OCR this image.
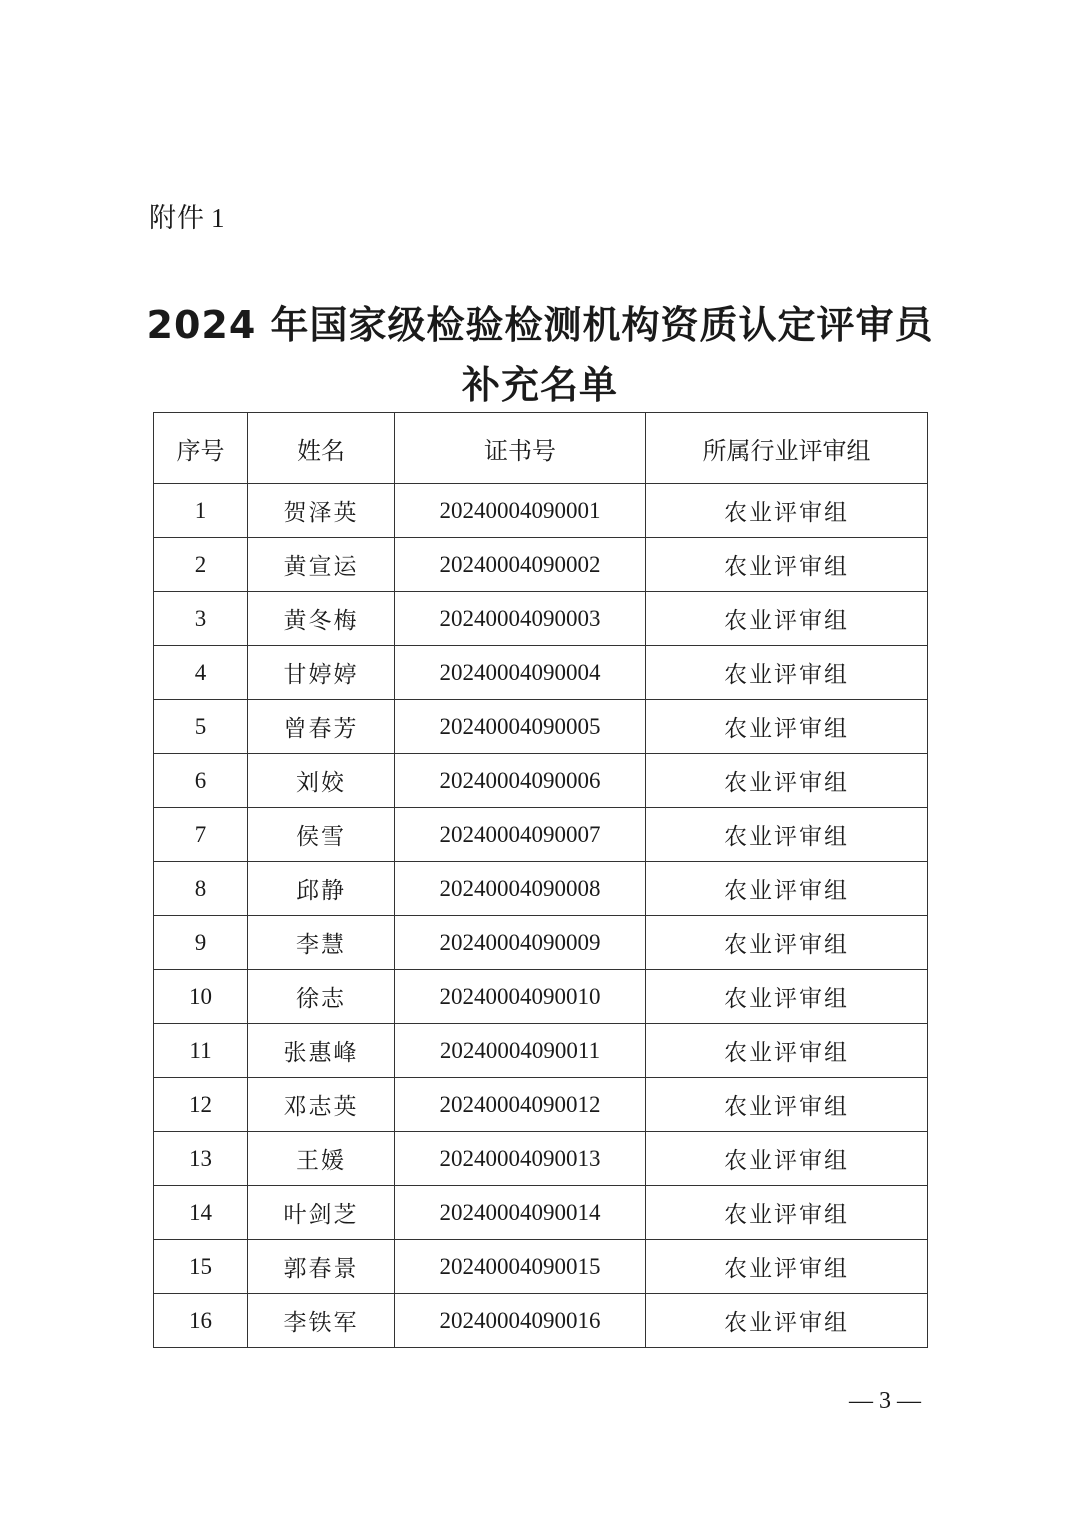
附件 1
2024 年国家级检验检测机构资质认定评审员
补充名单
序号	姓名	证书号	所属行业评审组
1	贺泽英	20240004090001	农业评审组
2	黄宣运	20240004090002	农业评审组
3	黄冬梅	20240004090003	农业评审组
4	甘婷婷	20240004090004	农业评审组
5	曾春芳	20240004090005	农业评审组
6	刘姣	20240004090006	农业评审组
7	侯雪	20240004090007	农业评审组
8	邱静	20240004090008	农业评审组
9	李慧	20240004090009	农业评审组
10	徐志	20240004090010	农业评审组
11	张惠峰	20240004090011	农业评审组
12	邓志英	20240004090012	农业评审组
13	王媛	20240004090013	农业评审组
14	叶剑芝	20240004090014	农业评审组
15	郭春景	20240004090015	农业评审组
16	李铁军	20240004090016	农业评审组
— 3 —
